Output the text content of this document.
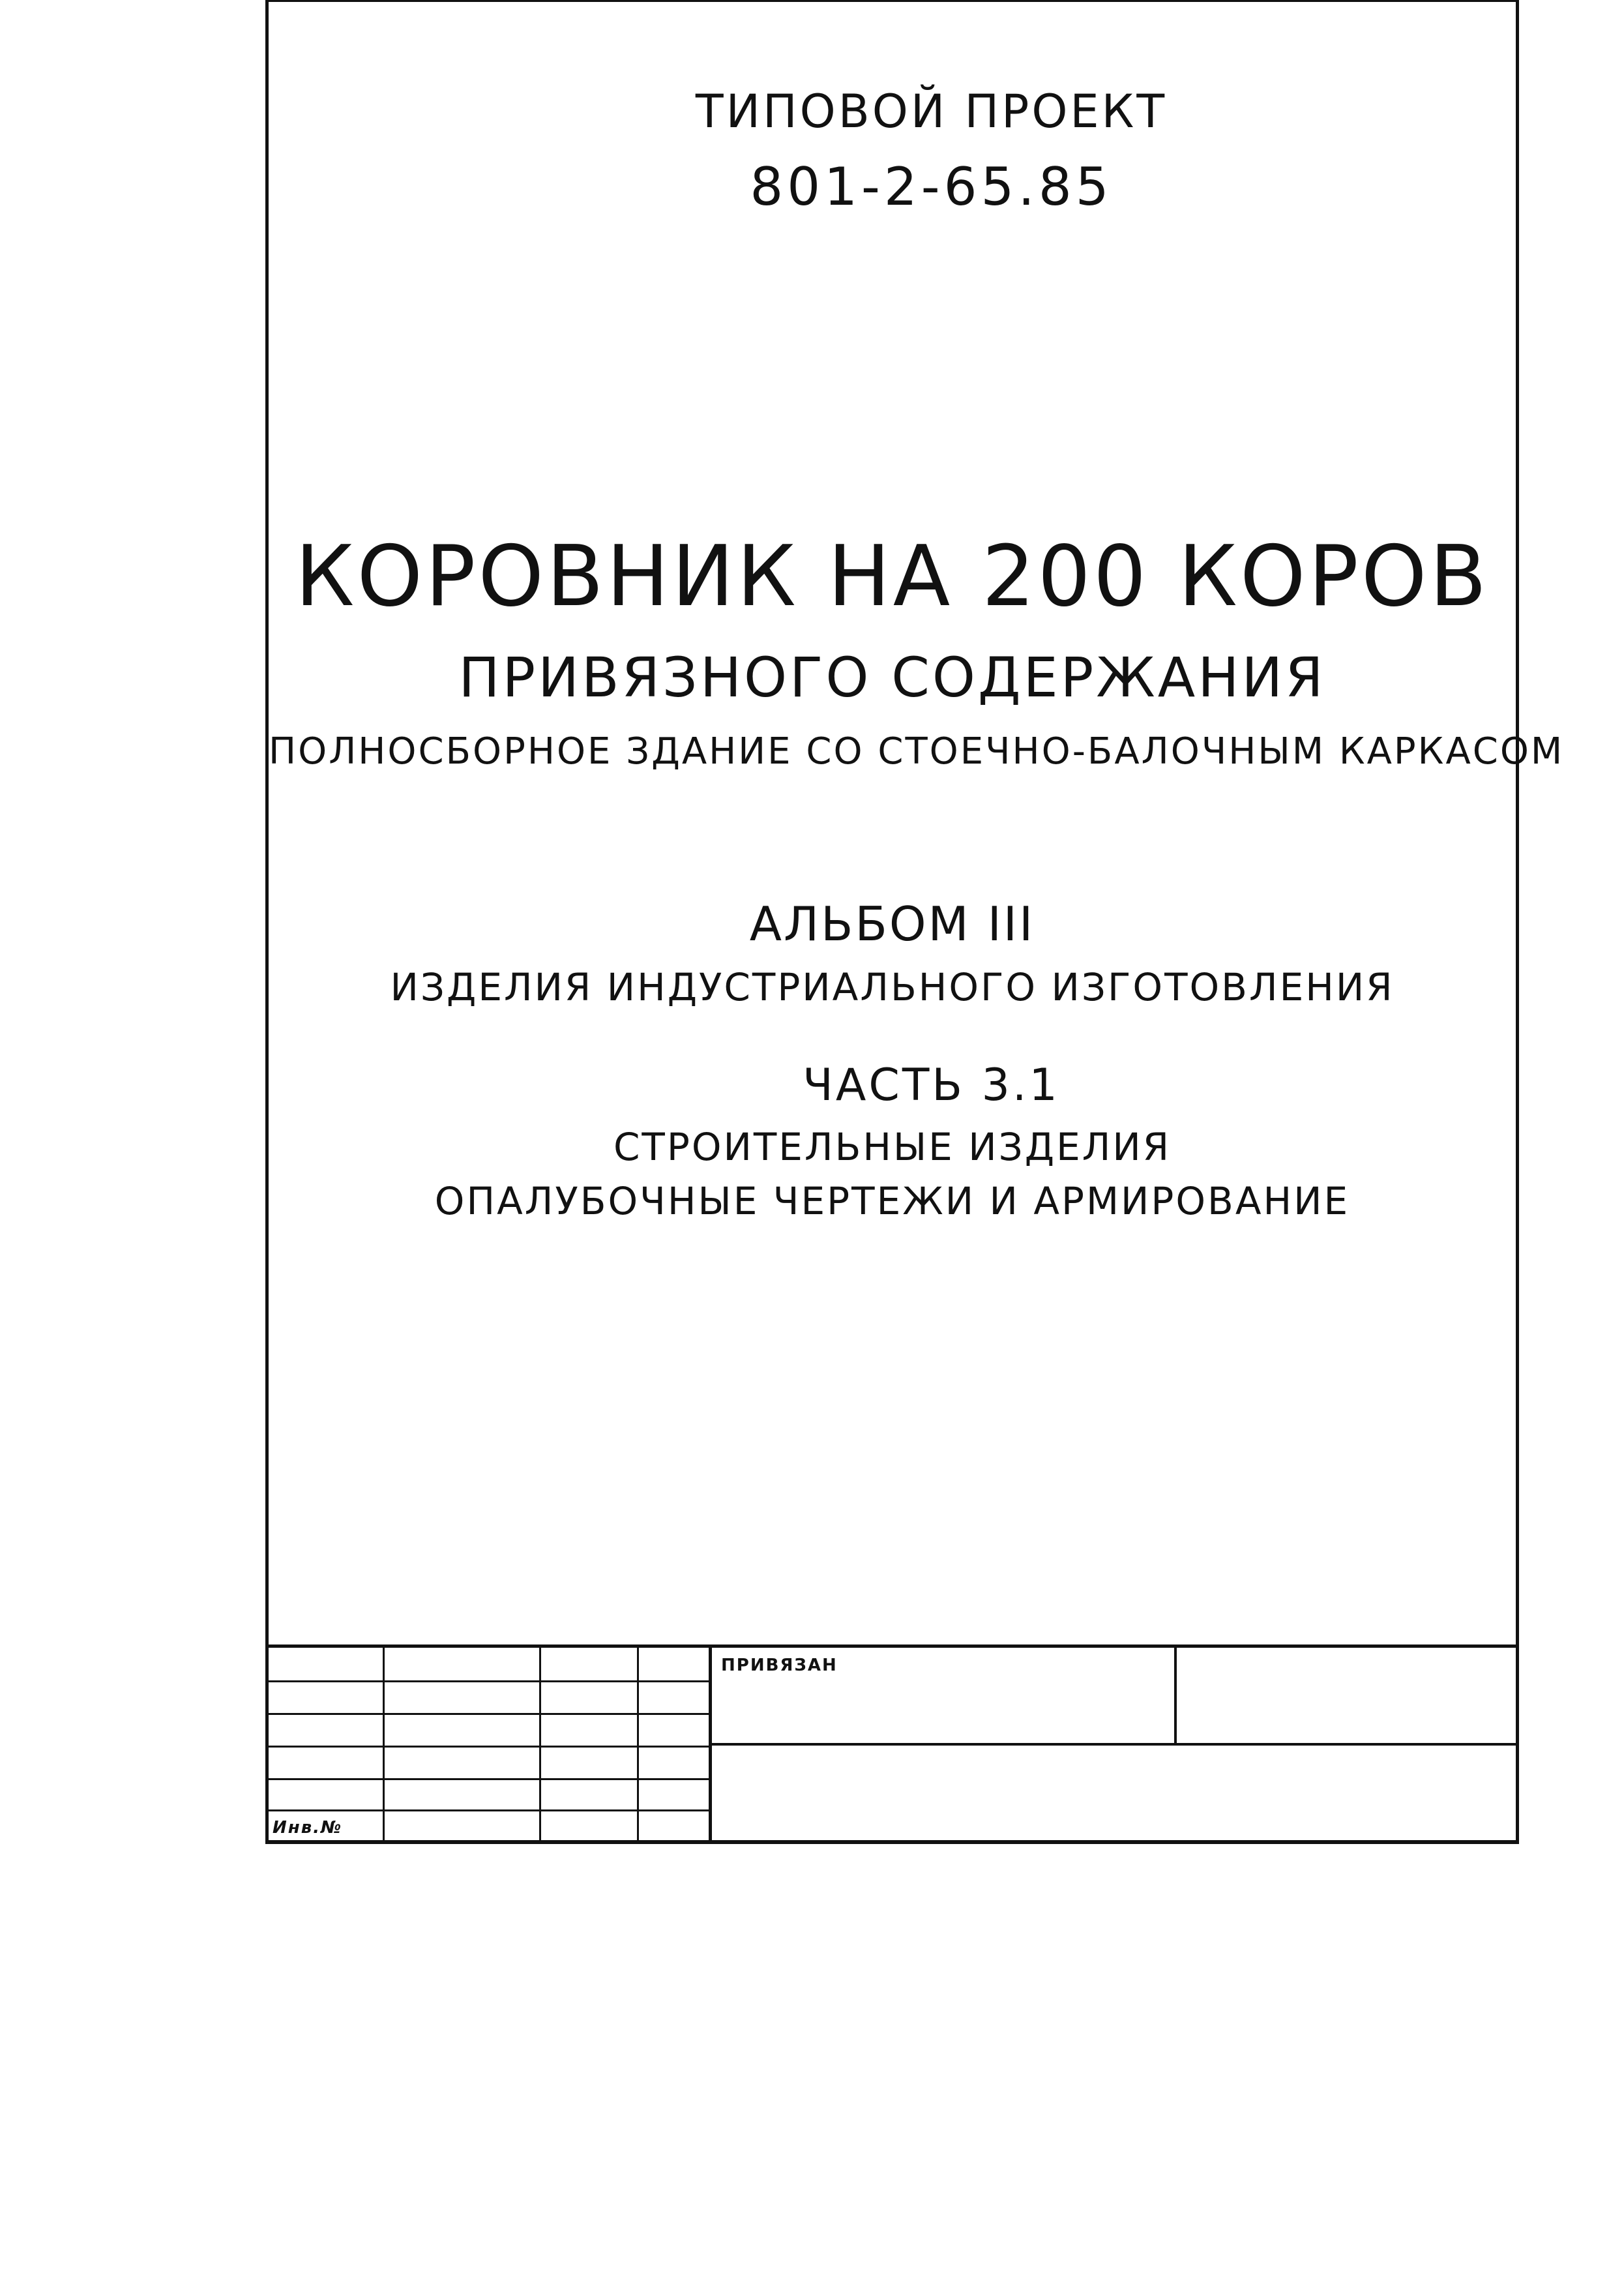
ТИПОВОЙ ПРОЕКТ
801-2-65.85
КОРОВНИК НА 200 КОРОВ
ПРИВЯЗНОГО СОДЕРЖАНИЯ
ПОЛНОСБОРНОЕ ЗДАНИЕ СО СТОЕЧНО-БАЛОЧНЫМ КАРКАСОМ
АЛЬБОМ III
ИЗДЕЛИЯ ИНДУСТРИАЛЬНОГО ИЗГОТОВЛЕНИЯ
ЧАСТЬ 3.1
СТРОИТЕЛЬНЫЕ ИЗДЕЛИЯ
ОПАЛУБОЧНЫЕ ЧЕРТЕЖИ И АРМИРОВАНИЕ
Инв.№
ПРИВЯЗАН
